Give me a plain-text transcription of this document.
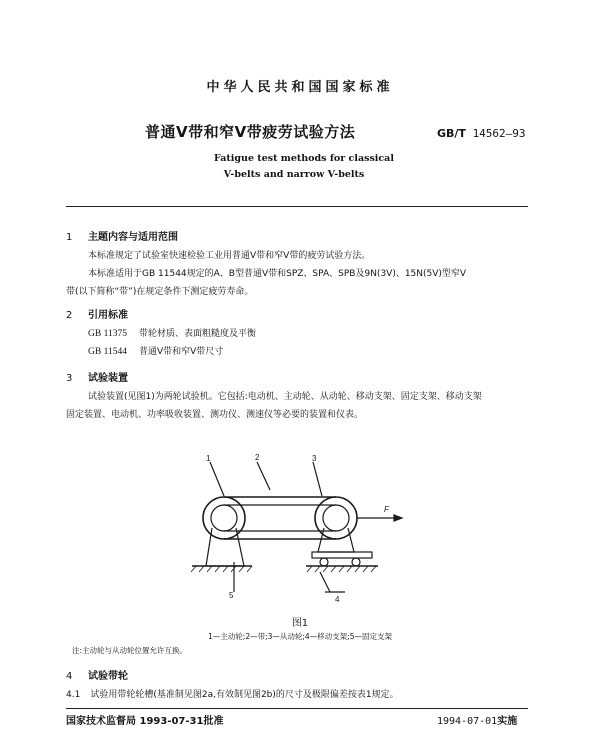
中华人民共和国国家标准
普通V带和窄V带疲劳试验方法	GB/T 14562—93
Fatigue test methods for classical
V-belts and narrow V-belts
1 主题内容与适用范围
本标准规定了试验室快速检验工业用普通V带和窄V带的疲劳试验方法。
本标准适用于GB 11544规定的A、B型普通V带和SPZ、SPA、SPB及9N(3V)、15N(5V)型窄V
带(以下简称“带”)在规定条件下测定疲劳寿命。
2 引用标准
GB 11375 带轮材质、表面粗糙度及平衡
GB 11544 普通V带和窄V带尺寸
3 试验装置
试验装置(见图1)为两轮试验机。它包括:电动机、主动轮、从动轮、移动支架、固定支架、移动支架
固定装置、电动机、功率吸收装置、测功仪、测速仪等必要的装置和仪表。
1	2	3
4
5
F
图1
1—主动轮;2—带;3—从动轮;4—移动支架;5—固定支架
注:主动轮与从动轮位置允许互换。
4 试验带轮
4.1 试验用带轮轮槽(基准制见图2a,有效制见图2b)的尺寸及极限偏差按表1规定。
国家技术监督局 1993-07-31批准	1994-07-01实施
